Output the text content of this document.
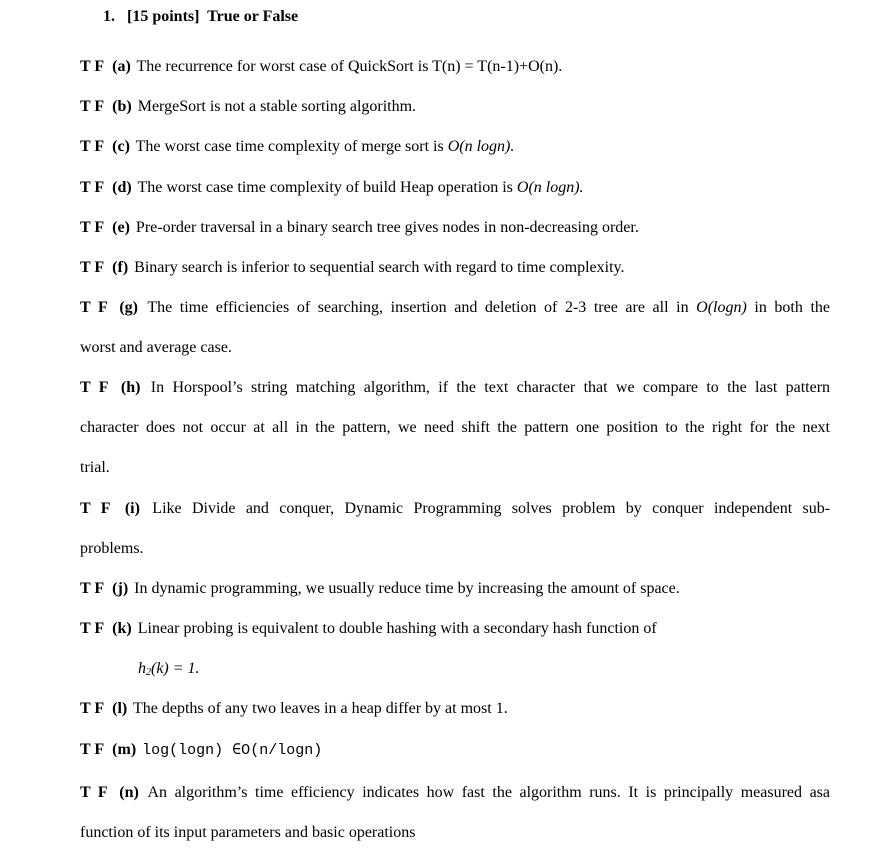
1. [15 points] True or False
T F (a) The recurrence for worst case of QuickSort is T(n) = T(n-1)+O(n).
T F (b) MergeSort is not a stable sorting algorithm.
T F (c) The worst case time complexity of merge sort is O(n logn).
T F (d) The worst case time complexity of build Heap operation is O(n logn).
T F (e) Pre-order traversal in a binary search tree gives nodes in non-decreasing order.
T F (f) Binary search is inferior to sequential search with regard to time complexity.
T F (g) The time efficiencies of searching, insertion and deletion of 2-3 tree are all in O(logn) in both the
worst and average case.
T F (h) In Horspool’s string matching algorithm, if the text character that we compare to the last pattern
character does not occur at all in the pattern, we need shift the pattern one position to the right for the next
trial.
T F (i) Like Divide and conquer, Dynamic Programming solves problem by conquer independent sub-
problems.
T F (j) In dynamic programming, we usually reduce time by increasing the amount of space.
T F (k) Linear probing is equivalent to double hashing with a secondary hash function of
$h_2(k) = 1$.
T F (l) The depths of any two leaves in a heap differ by at most 1.
T F (m) log(logn) ∈O(n/logn)
T F (n) An algorithm’s time efficiency indicates how fast the algorithm runs. It is principally measured asa
function of its input parameters and basic operations
